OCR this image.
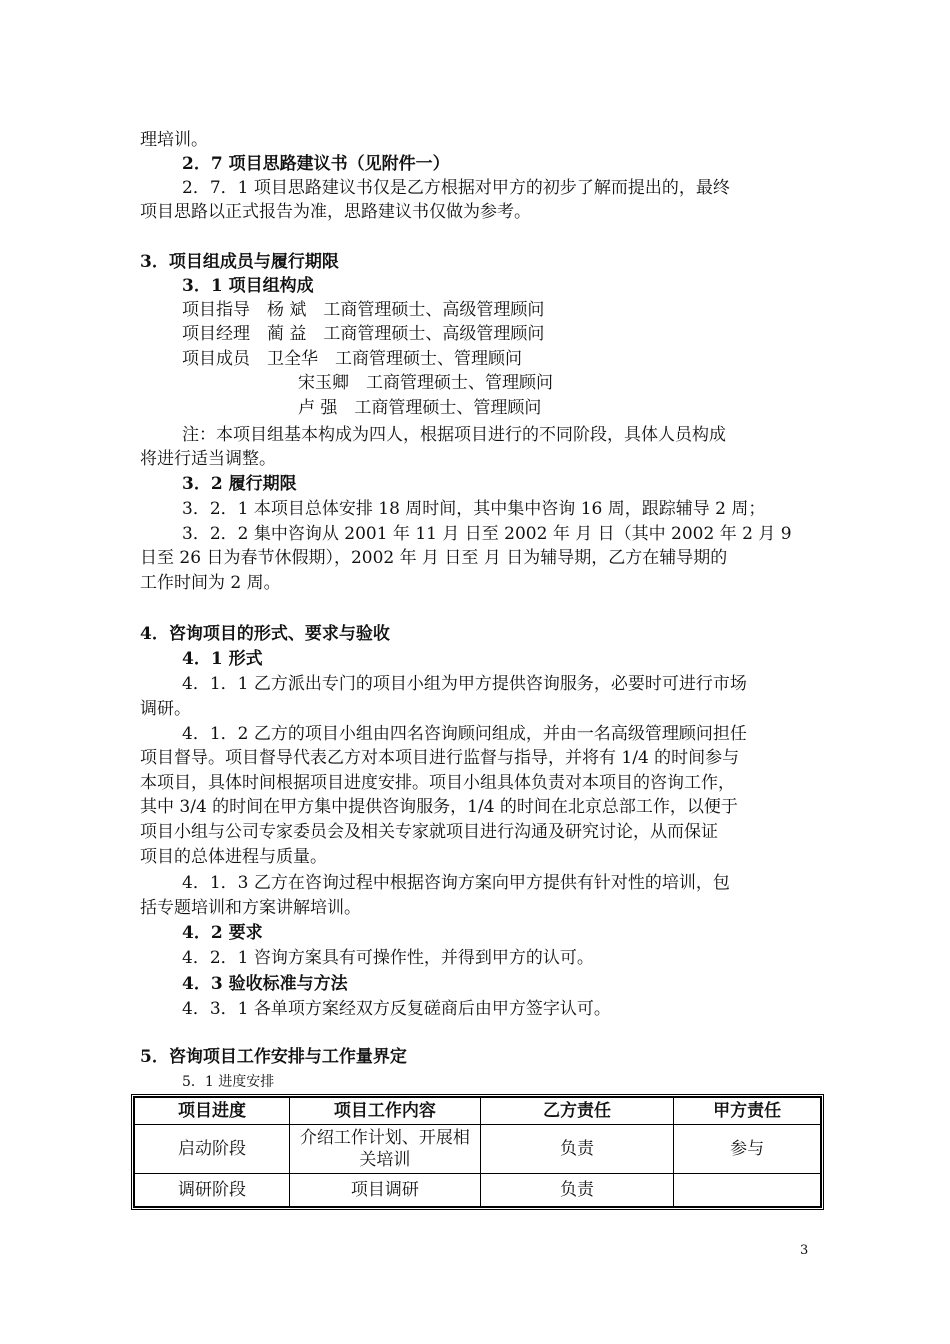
理培训。
2．7 项目思路建议书（见附件一）
2．7．1 项目思路建议书仅是乙方根据对甲方的初步了解而提出的，最终
项目思路以正式报告为准，思路建议书仅做为参考。
3．项目组成员与履行期限
3．1 项目组构成
项目指导　杨 斌　工商管理硕士、高级管理顾问
项目经理　蔺 益　工商管理硕士、高级管理顾问
项目成员　卫全华　工商管理硕士、管理顾问
宋玉卿　工商管理硕士、管理顾问
卢 强　工商管理硕士、管理顾问
注：本项目组基本构成为四人，根据项目进行的不同阶段，具体人员构成
将进行适当调整。
3．2 履行期限
3．2．1 本项目总体安排 18 周时间，其中集中咨询 16 周，跟踪辅导 2 周；
3．2．2 集中咨询从 2001 年 11 月 日至 2002 年 月 日（其中 2002 年 2 月 9
日至 26 日为春节休假期），2002 年 月 日至 月 日为辅导期，乙方在辅导期的
工作时间为 2 周。
4．咨询项目的形式、要求与验收
4．1 形式
4．1．1 乙方派出专门的项目小组为甲方提供咨询服务，必要时可进行市场
调研。
4．1．2 乙方的项目小组由四名咨询顾问组成，并由一名高级管理顾问担任
项目督导。项目督导代表乙方对本项目进行监督与指导，并将有 1/4 的时间参与
本项目，具体时间根据项目进度安排。项目小组具体负责对本项目的咨询工作，
其中 3/4 的时间在甲方集中提供咨询服务，1/4 的时间在北京总部工作，以便于
项目小组与公司专家委员会及相关专家就项目进行沟通及研究讨论，从而保证
项目的总体进程与质量。
4．1．3 乙方在咨询过程中根据咨询方案向甲方提供有针对性的培训，包
括专题培训和方案讲解培训。
4．2 要求
4．2．1 咨询方案具有可操作性，并得到甲方的认可。
4．3 验收标准与方法
4．3．1 各单项方案经双方反复磋商后由甲方签字认可。
5．咨询项目工作安排与工作量界定
5．1 进度安排
项目进度	项目工作内容	乙方责任	甲方责任
启动阶段	介绍工作计划、开展相关培训	负责	参与
调研阶段	项目调研	负责	
3
